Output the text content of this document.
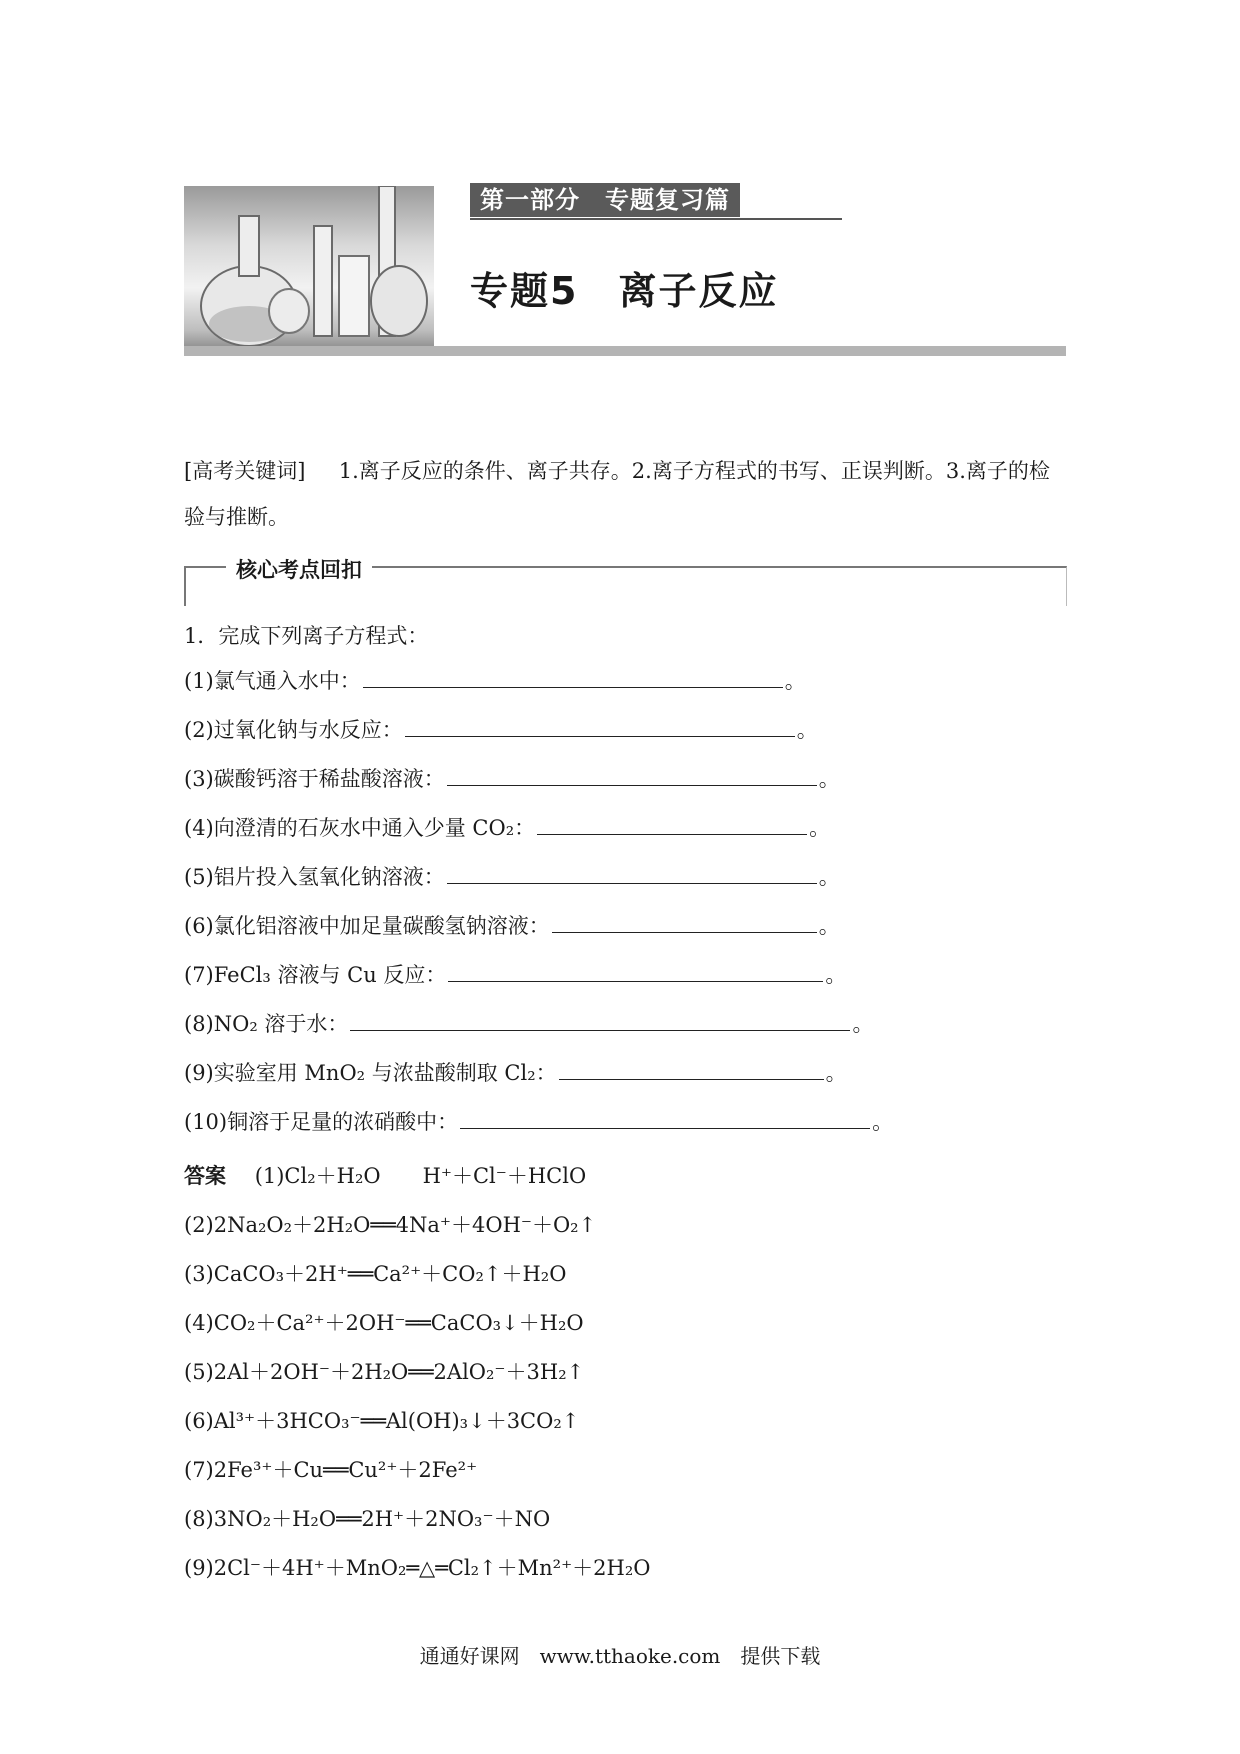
第一部分　专题复习篇
专题5　离子反应
[高考关键词] 1.离子反应的条件、离子共存。2.离子方程式的书写、正误判断。3.离子的检验与推断。
核心考点回扣
1．完成下列离子方程式：
(1)氯气通入水中：	。
(2)过氧化钠与水反应：	。
(3)碳酸钙溶于稀盐酸溶液：	。
(4)向澄清的石灰水中通入少量 CO₂：	。
(5)铝片投入氢氧化钠溶液：	。
(6)氯化铝溶液中加足量碳酸氢钠溶液：	。
(7)FeCl₃ 溶液与 Cu 反应：	。
(8)NO₂ 溶于水：	。
(9)实验室用 MnO₂ 与浓盐酸制取 Cl₂：	。
(10)铜溶于足量的浓硝酸中：	。
答案 (1)Cl₂＋H₂O　　H⁺＋Cl⁻＋HClO
(2)2Na₂O₂＋2H₂O══4Na⁺＋4OH⁻＋O₂↑
(3)CaCO₃＋2H⁺══Ca²⁺＋CO₂↑＋H₂O
(4)CO₂＋Ca²⁺＋2OH⁻══CaCO₃↓＋H₂O
(5)2Al＋2OH⁻＋2H₂O══2AlO₂⁻＋3H₂↑
(6)Al³⁺＋3HCO₃⁻══Al(OH)₃↓＋3CO₂↑
(7)2Fe³⁺＋Cu══Cu²⁺＋2Fe²⁺
(8)3NO₂＋H₂O══2H⁺＋2NO₃⁻＋NO
(9)2Cl⁻＋4H⁺＋MnO₂═△═Cl₂↑＋Mn²⁺＋2H₂O
通通好课网　www.tthaoke.com　提供下载
